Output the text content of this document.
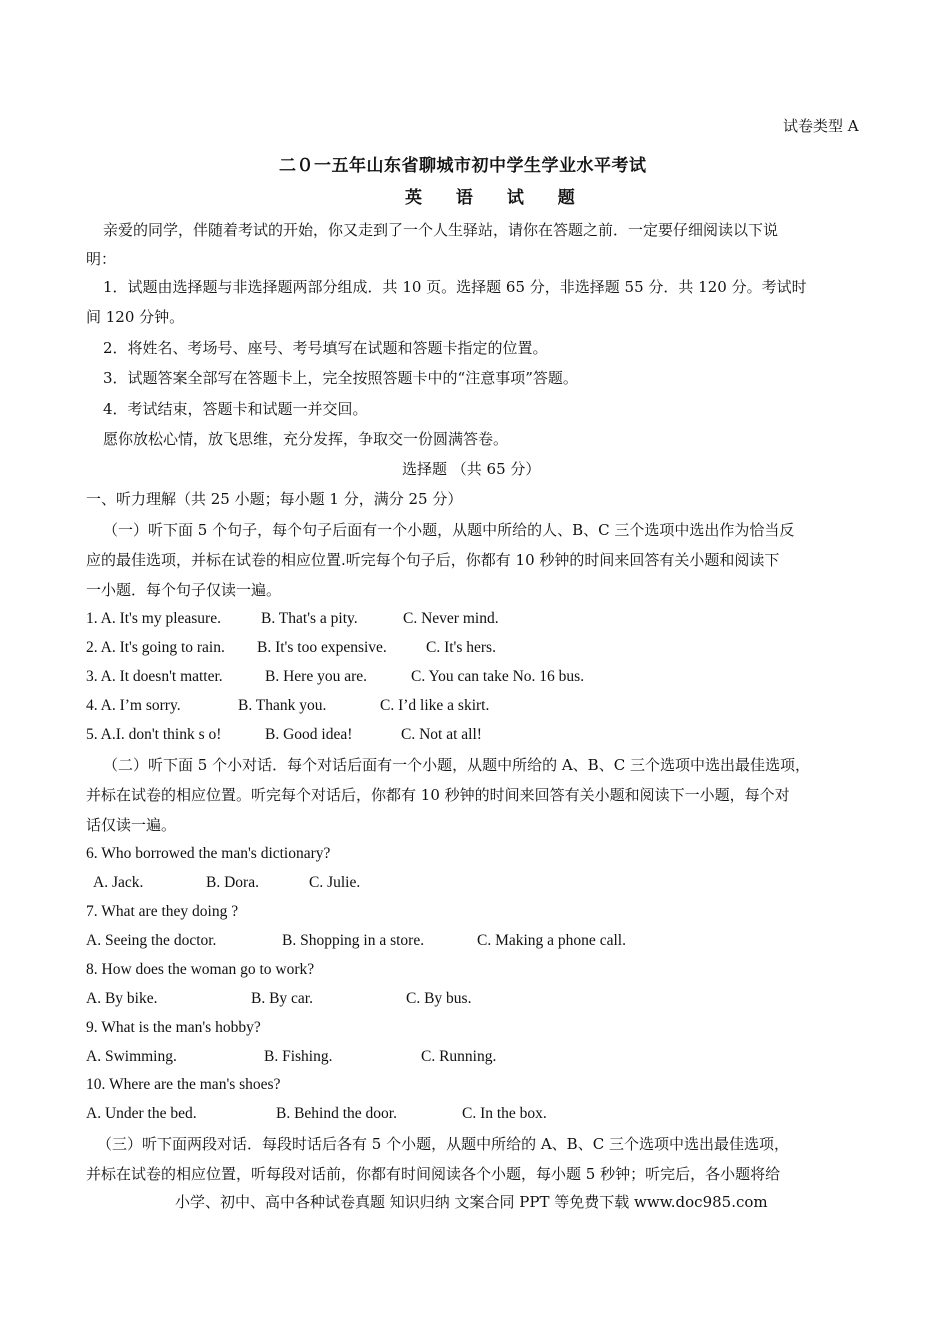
试卷类型 A
二０一五年山东省聊城市初中学生学业水平考试
英 语 试 题
亲爱的同学，伴随着考试的开始，你又走到了一个人生驿站，请你在答题之前．一定要仔细阅读以下说
明：
1．试题由选择题与非选择题两部分组成．共 10 页。选择题 65 分，非选择题 55 分．共 120 分。考试时
间 120 分钟。
2．将姓名、考场号、座号、考号填写在试题和答题卡指定的位置。
3．试题答案全部写在答题卡上，完全按照答题卡中的“注意事项”答题。
4．考试结束，答题卡和试题一并交回。
愿你放松心情，放飞思维，充分发挥，争取交一份圆满答卷。
选择题 （共 65 分）
一、听力理解（共 25 小题；每小题 1 分，满分 25 分）
（一）听下面 5 个句子，每个句子后面有一个小题，从题中所给的人、B、C 三个选项中选出作为恰当反
应的最佳选项，并标在试卷的相应位置.听完每个句子后，你都有 10 秒钟的时间来回答有关小题和阅读下
一小题．每个句子仅读一遍。
1. A. It's my pleasure.	B. That's a pity.	C. Never mind.
2. A. It's going to rain. B. It's too expensive.	C. It's hers.
3. A. It doesn't matter.	B. Here you are.	C. You can take No. 16 bus.
4. A. I’m sorry.	B. Thank you.	C. I’d like a skirt.
5. A.I. don't think s o!	B. Good idea!	C. Not at all!
（二）听下面 5 个小对话．每个对话后面有一个小题，从题中所给的 A、B、C 三个选项中选出最佳选项，
并标在试卷的相应位置。听完每个对话后，你都有 10 秒钟的时间来回答有关小题和阅读下一小题，每个对
话仅读一遍。
6. Who borrowed the man's dictionary?
A. Jack.	B. Dora.	C. Julie.
7. What are they doing ?
A. Seeing the doctor.	B. Shopping in a store.	C. Making a phone call.
8. How does the woman go to work?
A. By bike.	B. By car.	C. By bus.
9. What is the man's hobby?
A. Swimming.	B. Fishing.	C. Running.
10. Where are the man's shoes?
A. Under the bed.	B. Behind the door.	C. In the box.
（三）听下面两段对话．每段时话后各有 5 个小题，从题中所给的 A、B、C 三个选项中选出最佳选项，
并标在试卷的相应位置，听每段对话前，你都有时间阅读各个小题，每小题 5 秒钟；听完后，各小题将给
小学、初中、高中各种试卷真题 知识归纳 文案合同 PPT 等免费下载 www.doc985.com
